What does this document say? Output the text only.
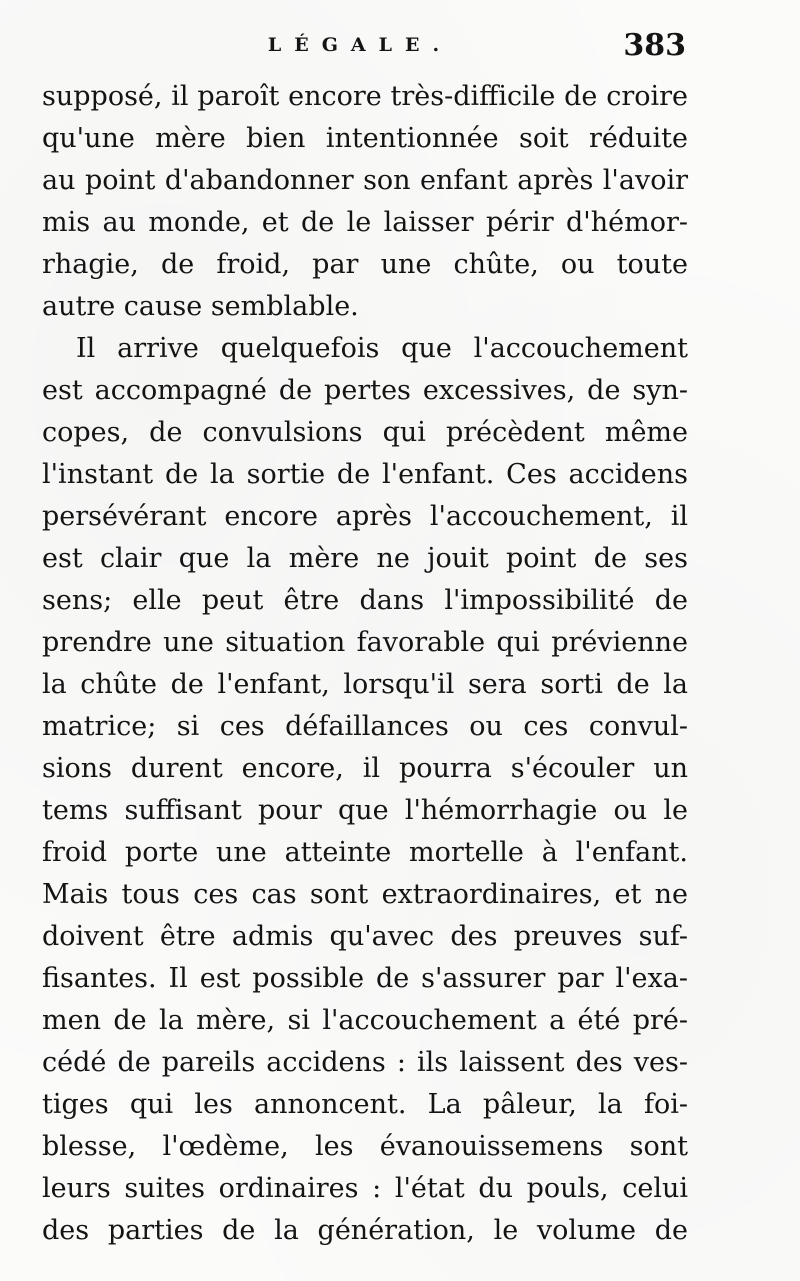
LÉGALE.	383
supposé, il paroît encore très-difficile de croire
qu'une mère bien intentionnée soit réduite
au point d'abandonner son enfant après l'avoir
mis au monde, et de le laisser périr d'hémor-
rhagie, de froid, par une chûte, ou toute
autre cause semblable.
Il arrive quelquefois que l'accouchement
est accompagné de pertes excessives, de syn-
copes, de convulsions qui précèdent même
l'instant de la sortie de l'enfant. Ces accidens
persévérant encore après l'accouchement, il
est clair que la mère ne jouit point de ses
sens; elle peut être dans l'impossibilité de
prendre une situation favorable qui prévienne
la chûte de l'enfant, lorsqu'il sera sorti de la
matrice; si ces défaillances ou ces convul-
sions durent encore, il pourra s'écouler un
tems suffisant pour que l'hémorrhagie ou le
froid porte une atteinte mortelle à l'enfant.
Mais tous ces cas sont extraordinaires, et ne
doivent être admis qu'avec des preuves suf-
fisantes. Il est possible de s'assurer par l'exa-
men de la mère, si l'accouchement a été pré-
cédé de pareils accidens : ils laissent des ves-
tiges qui les annoncent. La pâleur, la foi-
blesse, l'œdème, les évanouissemens sont
leurs suites ordinaires : l'état du pouls, celui
des parties de la génération, le volume de
